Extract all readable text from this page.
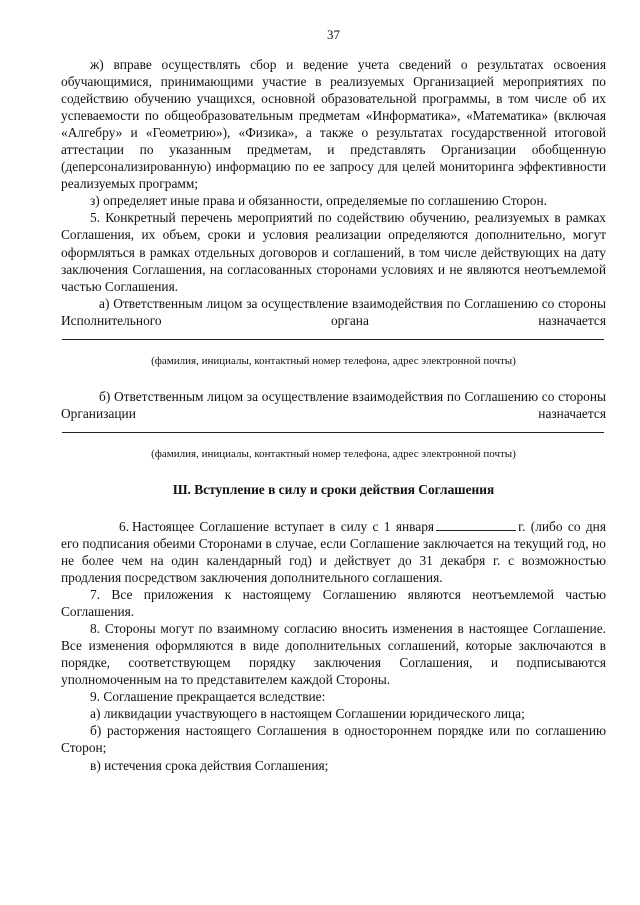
37

ж) вправе осуществлять сбор и ведение учета сведений о результатах освоения обучающимися, принимающими участие в реализуемых Организацией мероприятиях по содействию обучению учащихся, основной образовательной программы, в том числе об их успеваемости по общеобразовательным предметам «Информатика», «Математика» (включая «Алгебру» и «Геометрию»), «Физика», а также о результатах государственной итоговой аттестации по указанным предметам, и представлять Организации обобщенную (деперсонализированную) информацию по ее запросу для целей мониторинга эффективности реализуемых программ;

з) определяет иные права и обязанности, определяемые по соглашению Сторон.

5. Конкретный перечень мероприятий по содействию обучению, реализуемых в рамках Соглашения, их объем, сроки и условия реализации определяются дополнительно, могут оформляться в рамках отдельных договоров и соглашений, в том числе действующих на дату заключения Соглашения, на согласованных сторонами условиях и не являются неотъемлемой частью Соглашения.

а) Ответственным лицом за осуществление взаимодействия по Соглашению со стороны Исполнительного органа назначается

(фамилия, инициалы, контактный номер телефона, адрес электронной почты)

б) Ответственным лицом за осуществление взаимодействия по Соглашению со стороны Организации назначается

(фамилия, инициалы, контактный номер телефона, адрес электронной почты)
Ш. Вступление в силу и сроки действия Соглашения

6. Настоящее Соглашение вступает в силу с 1 января	г. (либо со дня его подписания обеими Сторонами в случае, если Соглашение заключается на текущий год, но не более чем на один календарный год) и действует до 31 декабря г. с возможностью продления посредством заключения дополнительного соглашения.

7. Все приложения к настоящему Соглашению являются неотъемлемой частью Соглашения.

8. Стороны могут по взаимному согласию вносить изменения в настоящее Соглашение. Все изменения оформляются в виде дополнительных соглашений, которые заключаются в порядке, соответствующем порядку заключения Соглашения, и подписываются уполномоченным на то представителем каждой Стороны.

9. Соглашение прекращается вследствие:

а) ликвидации участвующего в настоящем Соглашении юридического лица;

б) расторжения настоящего Соглашения в одностороннем порядке или по соглашению Сторон;

в) истечения срока действия Соглашения;
